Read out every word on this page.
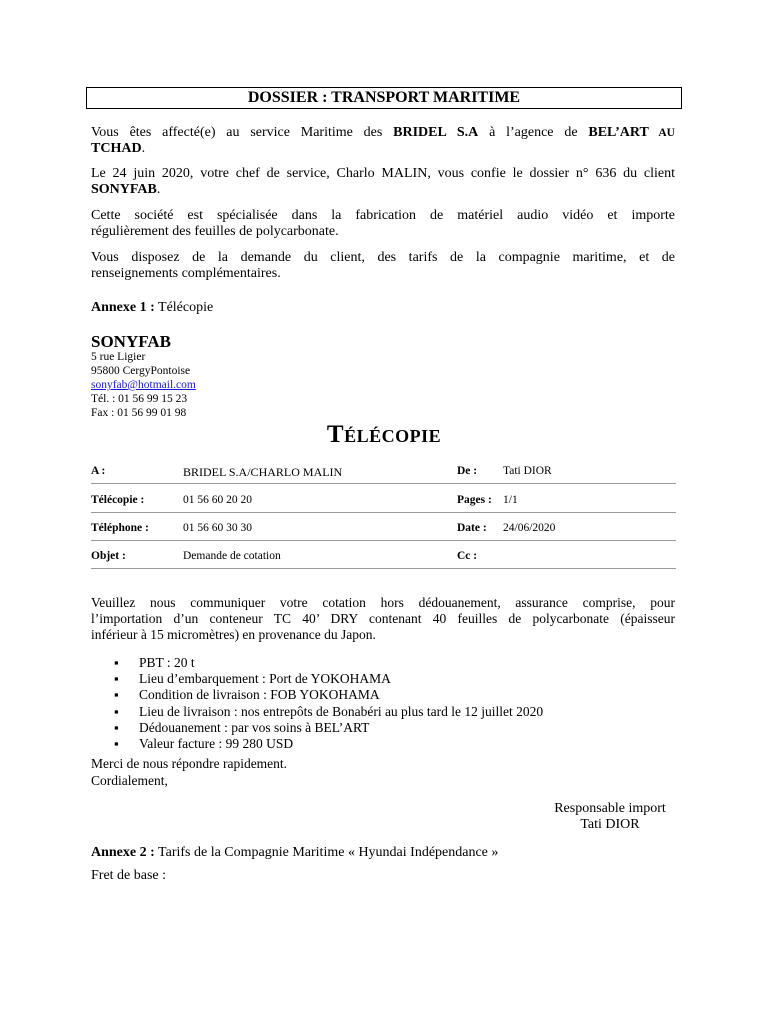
DOSSIER : TRANSPORT MARITIME
Vous êtes affecté(e) au service Maritime des BRIDEL S.A à l’agence de BEL’ART AU
TCHAD.
Le 24 juin 2020, votre chef de service, Charlo MALIN, vous confie le dossier n° 636 du client
SONYFAB.
Cette société est spécialisée dans la fabrication de matériel audio vidéo et importe
régulièrement des feuilles de polycarbonate.
Vous disposez de la demande du client, des tarifs de la compagnie maritime, et de
renseignements complémentaires.
Annexe 1 : Télécopie
SONYFAB
5 rue Ligier
95800 CergyPontoise
sonyfab@hotmail.com
Tél. : 01 56 99 15 23
Fax : 01 56 99 01 98
TÉLÉCOPIE
A :	BRIDEL S.A/CHARLO MALIN	De : Tati DIOR
Télécopie :	01 56 60 20 20	Pages : 1/1
Téléphone :	01 56 60 30 30	Date : 24/06/2020
Objet :	Demande de cotation	Cc :
Veuillez nous communiquer votre cotation hors dédouanement, assurance comprise, pour
l’importation d’un conteneur TC 40’ DRY contenant 40 feuilles de polycarbonate (épaisseur
inférieur à 15 micromètres) en provenance du Japon.
▪ PBT : 20 t
▪ Lieu d’embarquement : Port de YOKOHAMA
▪ Condition de livraison : FOB YOKOHAMA
▪ Lieu de livraison : nos entrepôts de Bonabéri au plus tard le 12 juillet 2020
▪ Dédouanement : par vos soins à BEL’ART
▪ Valeur facture : 99 280 USD
Merci de nous répondre rapidement.
Cordialement,
Responsable import
Tati DIOR
Annexe 2 : Tarifs de la Compagnie Maritime « Hyundai Indépendance »
Fret de base :
